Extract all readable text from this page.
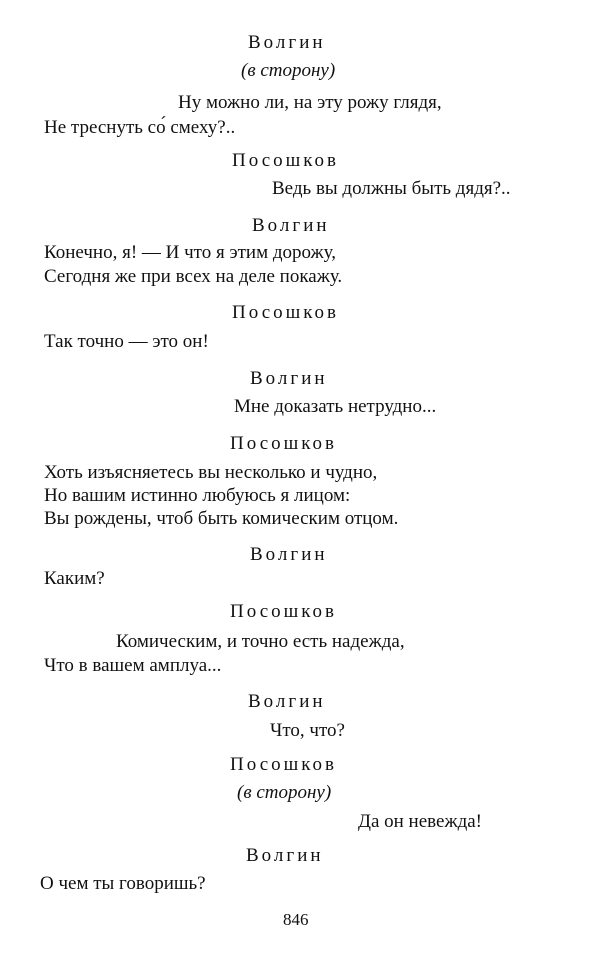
Волгин
(в сторону)
Ну можно ли, на эту рожу глядя,
Не треснуть со́ смеху?..
Посошков
Ведь вы должны быть дядя?..
Волгин
Конечно, я! — И что я этим дорожу,
Сегодня же при всех на деле покажу.
Посошков
Так точно — это он!
Волгин
Мне доказать нетрудно...
Посошков
Хоть изъясняетесь вы несколько и чудно,
Но вашим истинно любуюсь я лицом:
Вы рождены, чтоб быть комическим отцом.
Волгин
Каким?
Посошков
Комическим, и точно есть надежда,
Что в вашем амплуа...
Волгин
Что, что?
Посошков
(в сторону)
Да он невежда!
Волгин
О чем ты говоришь?
846
